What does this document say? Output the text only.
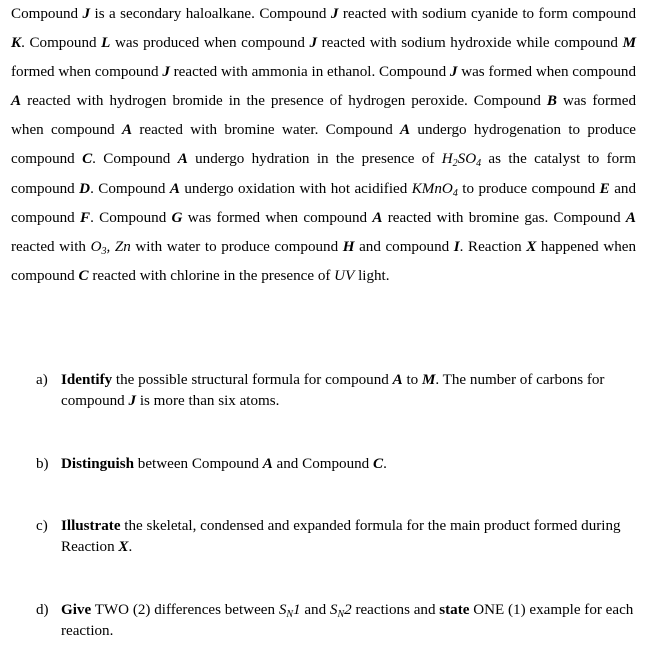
Compound J is a secondary haloalkane. Compound J reacted with sodium cyanide to form compound K. Compound L was produced when compound J reacted with sodium hydroxide while compound M formed when compound J reacted with ammonia in ethanol. Compound J was formed when compound A reacted with hydrogen bromide in the presence of hydrogen peroxide. Compound B was formed when compound A reacted with bromine water. Compound A undergo hydrogenation to produce compound C. Compound A undergo hydration in the presence of $H_2SO_4$ as the catalyst to form compound D. Compound A undergo oxidation with hot acidified KMnO$_4$ to produce compound E and compound F. Compound G was formed when compound A reacted with bromine gas. Compound A reacted with $O_3$, Zn with water to produce compound H and compound I. Reaction X happened when compound C reacted with chlorine in the presence of UV light.

a) Identify the possible structural formula for compound A to M. The number of carbons for compound J is more than six atoms.
b) Distinguish between Compound A and Compound C.
c) Illustrate the skeletal, condensed and expanded formula for the main product formed during Reaction X.
d) Give TWO (2) differences between $S_N1$ and $S_N2$ reactions and state ONE (1) example for each reaction.
